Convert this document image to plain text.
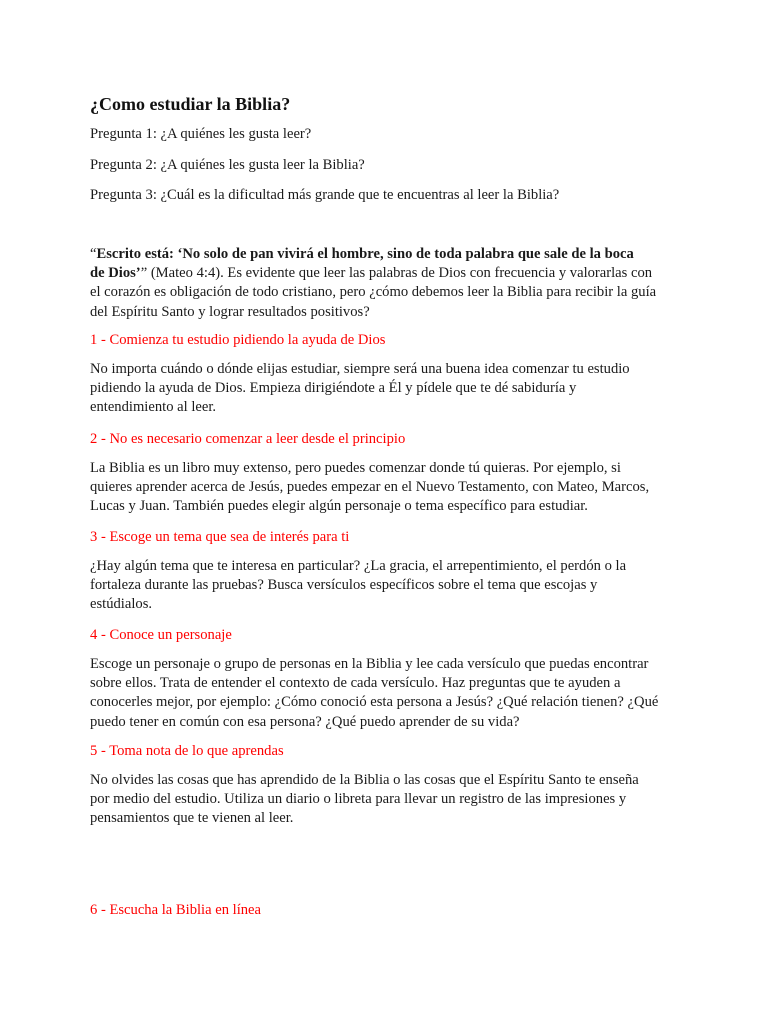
¿Como estudiar la Biblia?

Pregunta 1: ¿A quiénes les gusta leer?

Pregunta 2: ¿A quiénes les gusta leer la Biblia?

Pregunta 3: ¿Cuál es la dificultad más grande que te encuentras al leer la Biblia?

“Escrito está: ‘No solo de pan vivirá el hombre, sino de toda palabra que sale de la boca
de Dios’” (Mateo 4:4). Es evidente que leer las palabras de Dios con frecuencia y valorarlas con
el corazón es obligación de todo cristiano, pero ¿cómo debemos leer la Biblia para recibir la guía
del Espíritu Santo y lograr resultados positivos?

1 - Comienza tu estudio pidiendo la ayuda de Dios

No importa cuándo o dónde elijas estudiar, siempre será una buena idea comenzar tu estudio
pidiendo la ayuda de Dios. Empieza dirigiéndote a Él y pídele que te dé sabiduría y
entendimiento al leer.

2 - No es necesario comenzar a leer desde el principio

La Biblia es un libro muy extenso, pero puedes comenzar donde tú quieras. Por ejemplo, si
quieres aprender acerca de Jesús, puedes empezar en el Nuevo Testamento, con Mateo, Marcos,
Lucas y Juan. También puedes elegir algún personaje o tema específico para estudiar.

3 - Escoge un tema que sea de interés para ti

¿Hay algún tema que te interesa en particular? ¿La gracia, el arrepentimiento, el perdón o la
fortaleza durante las pruebas? Busca versículos específicos sobre el tema que escojas y
estúdialos.

4 - Conoce un personaje

Escoge un personaje o grupo de personas en la Biblia y lee cada versículo que puedas encontrar
sobre ellos. Trata de entender el contexto de cada versículo. Haz preguntas que te ayuden a
conocerles mejor, por ejemplo: ¿Cómo conoció esta persona a Jesús? ¿Qué relación tienen? ¿Qué
puedo tener en común con esa persona? ¿Qué puedo aprender de su vida?

5 - Toma nota de lo que aprendas

No olvides las cosas que has aprendido de la Biblia o las cosas que el Espíritu Santo te enseña
por medio del estudio. Utiliza un diario o libreta para llevar un registro de las impresiones y
pensamientos que te vienen al leer.

6 - Escucha la Biblia en línea
